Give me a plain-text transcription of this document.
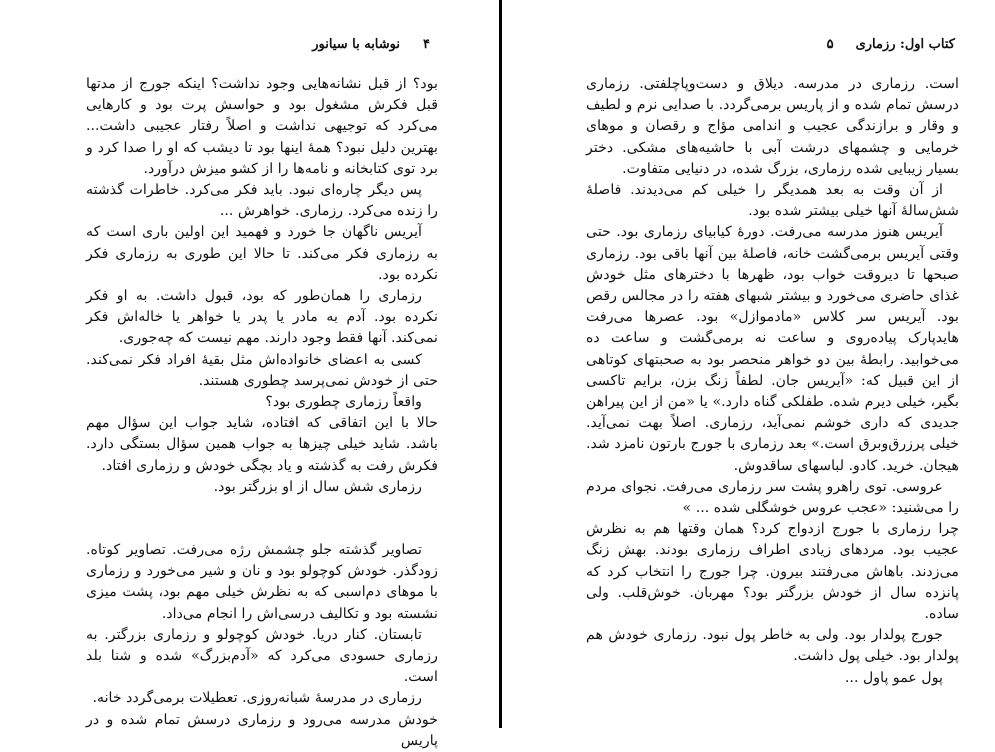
۴
نوشابه با سیانور

بود؟ از قبل نشانه‌هایی وجود نداشت؟ اینکه جورج از مدتها قبل فکرش مشغول بود و حواسش پرت بود و کارهایی می‌کرد که توجیهی نداشت و اصلاً رفتار عجیبی داشت... بهترین دلیل نبود؟ همهٔ اینها بود تا دیشب که او را صدا کرد و برد توی کتابخانه و نامه‌ها را از کشو میزش درآورد.

پس دیگر چاره‌ای نبود. باید فکر می‌کرد. خاطرات گذشته را زنده می‌کرد. رزماری. خواهرش ...

آیریس ناگهان جا خورد و فهمید این اولین باری است که به رزماری فکر می‌کند. تا حالا این طوری به رزماری فکر نکرده بود.

رزماری را همان‌طور که بود، قبول داشت. به او فکر نکرده بود. آدم به مادر یا پدر یا خواهر یا خاله‌اش فکر نمی‌کند. آنها فقط وجود دارند. مهم نیست که چه‌جوری.

کسی به اعضای خانواده‌اش مثل بقیهٔ افراد فکر نمی‌کند. حتی از خودش نمی‌پرسد چطوری هستند.

واقعاً رزماری چطوری بود؟

حالا با این اتفاقی که افتاده، شاید جواب این سؤال مهم باشد. شاید خیلی چیزها به جواب همین سؤال بستگی دارد. فکرش رفت به گذشته و یاد بچگی خودش و رزماری افتاد.

رزماری شش سال از او بزرگتر بود.

تصاویر گذشته جلو چشمش رژه می‌رفت. تصاویر کوتاه. زودگذر. خودش کوچولو بود و نان و شیر می‌خورد و رزماری با موهای دم‌اسبی که به نظرش خیلی مهم بود، پشت میزی نشسته بود و تکالیف درسی‌اش را انجام می‌داد.

تابستان. کنار دریا. خودش کوچولو و رزماری بزرگتر. به رزماری حسودی می‌کرد که «آدم‌بزرگ» شده و شنا بلد است.

رزماری در مدرسهٔ شبانه‌روزی. تعطیلات برمی‌گردد خانه.

خودش مدرسه می‌رود و رزماری درسش تمام شده و در پاریس

کتاب اول: رزماری
۵

است. رزماری در مدرسه. دیلاق و دست‌وپاچلفتی. رزماری درسش تمام شده و از پاریس برمی‌گردد. با صدایی نرم و لطیف و وقار و برازندگی عجیب و اندامی مؤاج و رقصان و موهای خرمایی و چشمهای درشت آبی با حاشیه‌های مشکی. دختر بسیار زیبایی شده رزماری، بزرگ شده، در دنیایی متفاوت.

از آن وقت به بعد همدیگر را خیلی کم می‌دیدند. فاصلهٔ شش‌سالهٔ آنها خیلی بیشتر شده بود.

آیریس هنوز مدرسه می‌رفت. دورهٔ کیابیای رزماری بود. حتی وقتی آیریس برمی‌گشت خانه، فاصلهٔ بین آنها باقی بود. رزماری صبحها تا دیروقت خواب بود، ظهرها با دخترهای مثل خودش غذای حاضری می‌خورد و بیشتر شبهای هفته را در مجالس رقص بود. آیریس سر کلاس «مادموازل» بود. عصرها می‌رفت هایدپارک پیاده‌روی و ساعت نه برمی‌گشت و ساعت ده می‌خوابید. رابطهٔ بین دو خواهر منحصر بود به صحبتهای کوتاهی از این قبیل که: «آیریس جان. لطفاً زنگ بزن، برایم تاکسی بگیر، خیلی دیرم شده. طفلکی گناه دارد.» یا «من از این پیراهن جدیدی که داری خوشم نمی‌آید، رزماری. اصلاً بهت نمی‌آید. خیلی پرزرق‌وبرق است.» بعد رزماری با جورج بارتون نامزد شد. هیجان. خرید. کادو. لباسهای ساقدوش.

عروسی. توی راهرو پشت سر رزماری می‌رفت. نجوای مردم را می‌شنید: «عجب عروس خوشگلی شده ... »

چرا رزماری با جورج ازدواج کرد؟ همان وقتها هم به نظرش عجیب بود. مردهای زیادی اطراف رزماری بودند. بهش زنگ می‌زدند. باهاش می‌رفتند بیرون. چرا جورج را انتخاب کرد که پانزده سال از خودش بزرگتر بود؟ مهربان. خوش‌قلب. ولی ساده.

جورج پولدار بود. ولی به خاطر پول نبود. رزماری خودش هم پولدار بود. خیلی پول داشت.

پول عمو پاول ...
